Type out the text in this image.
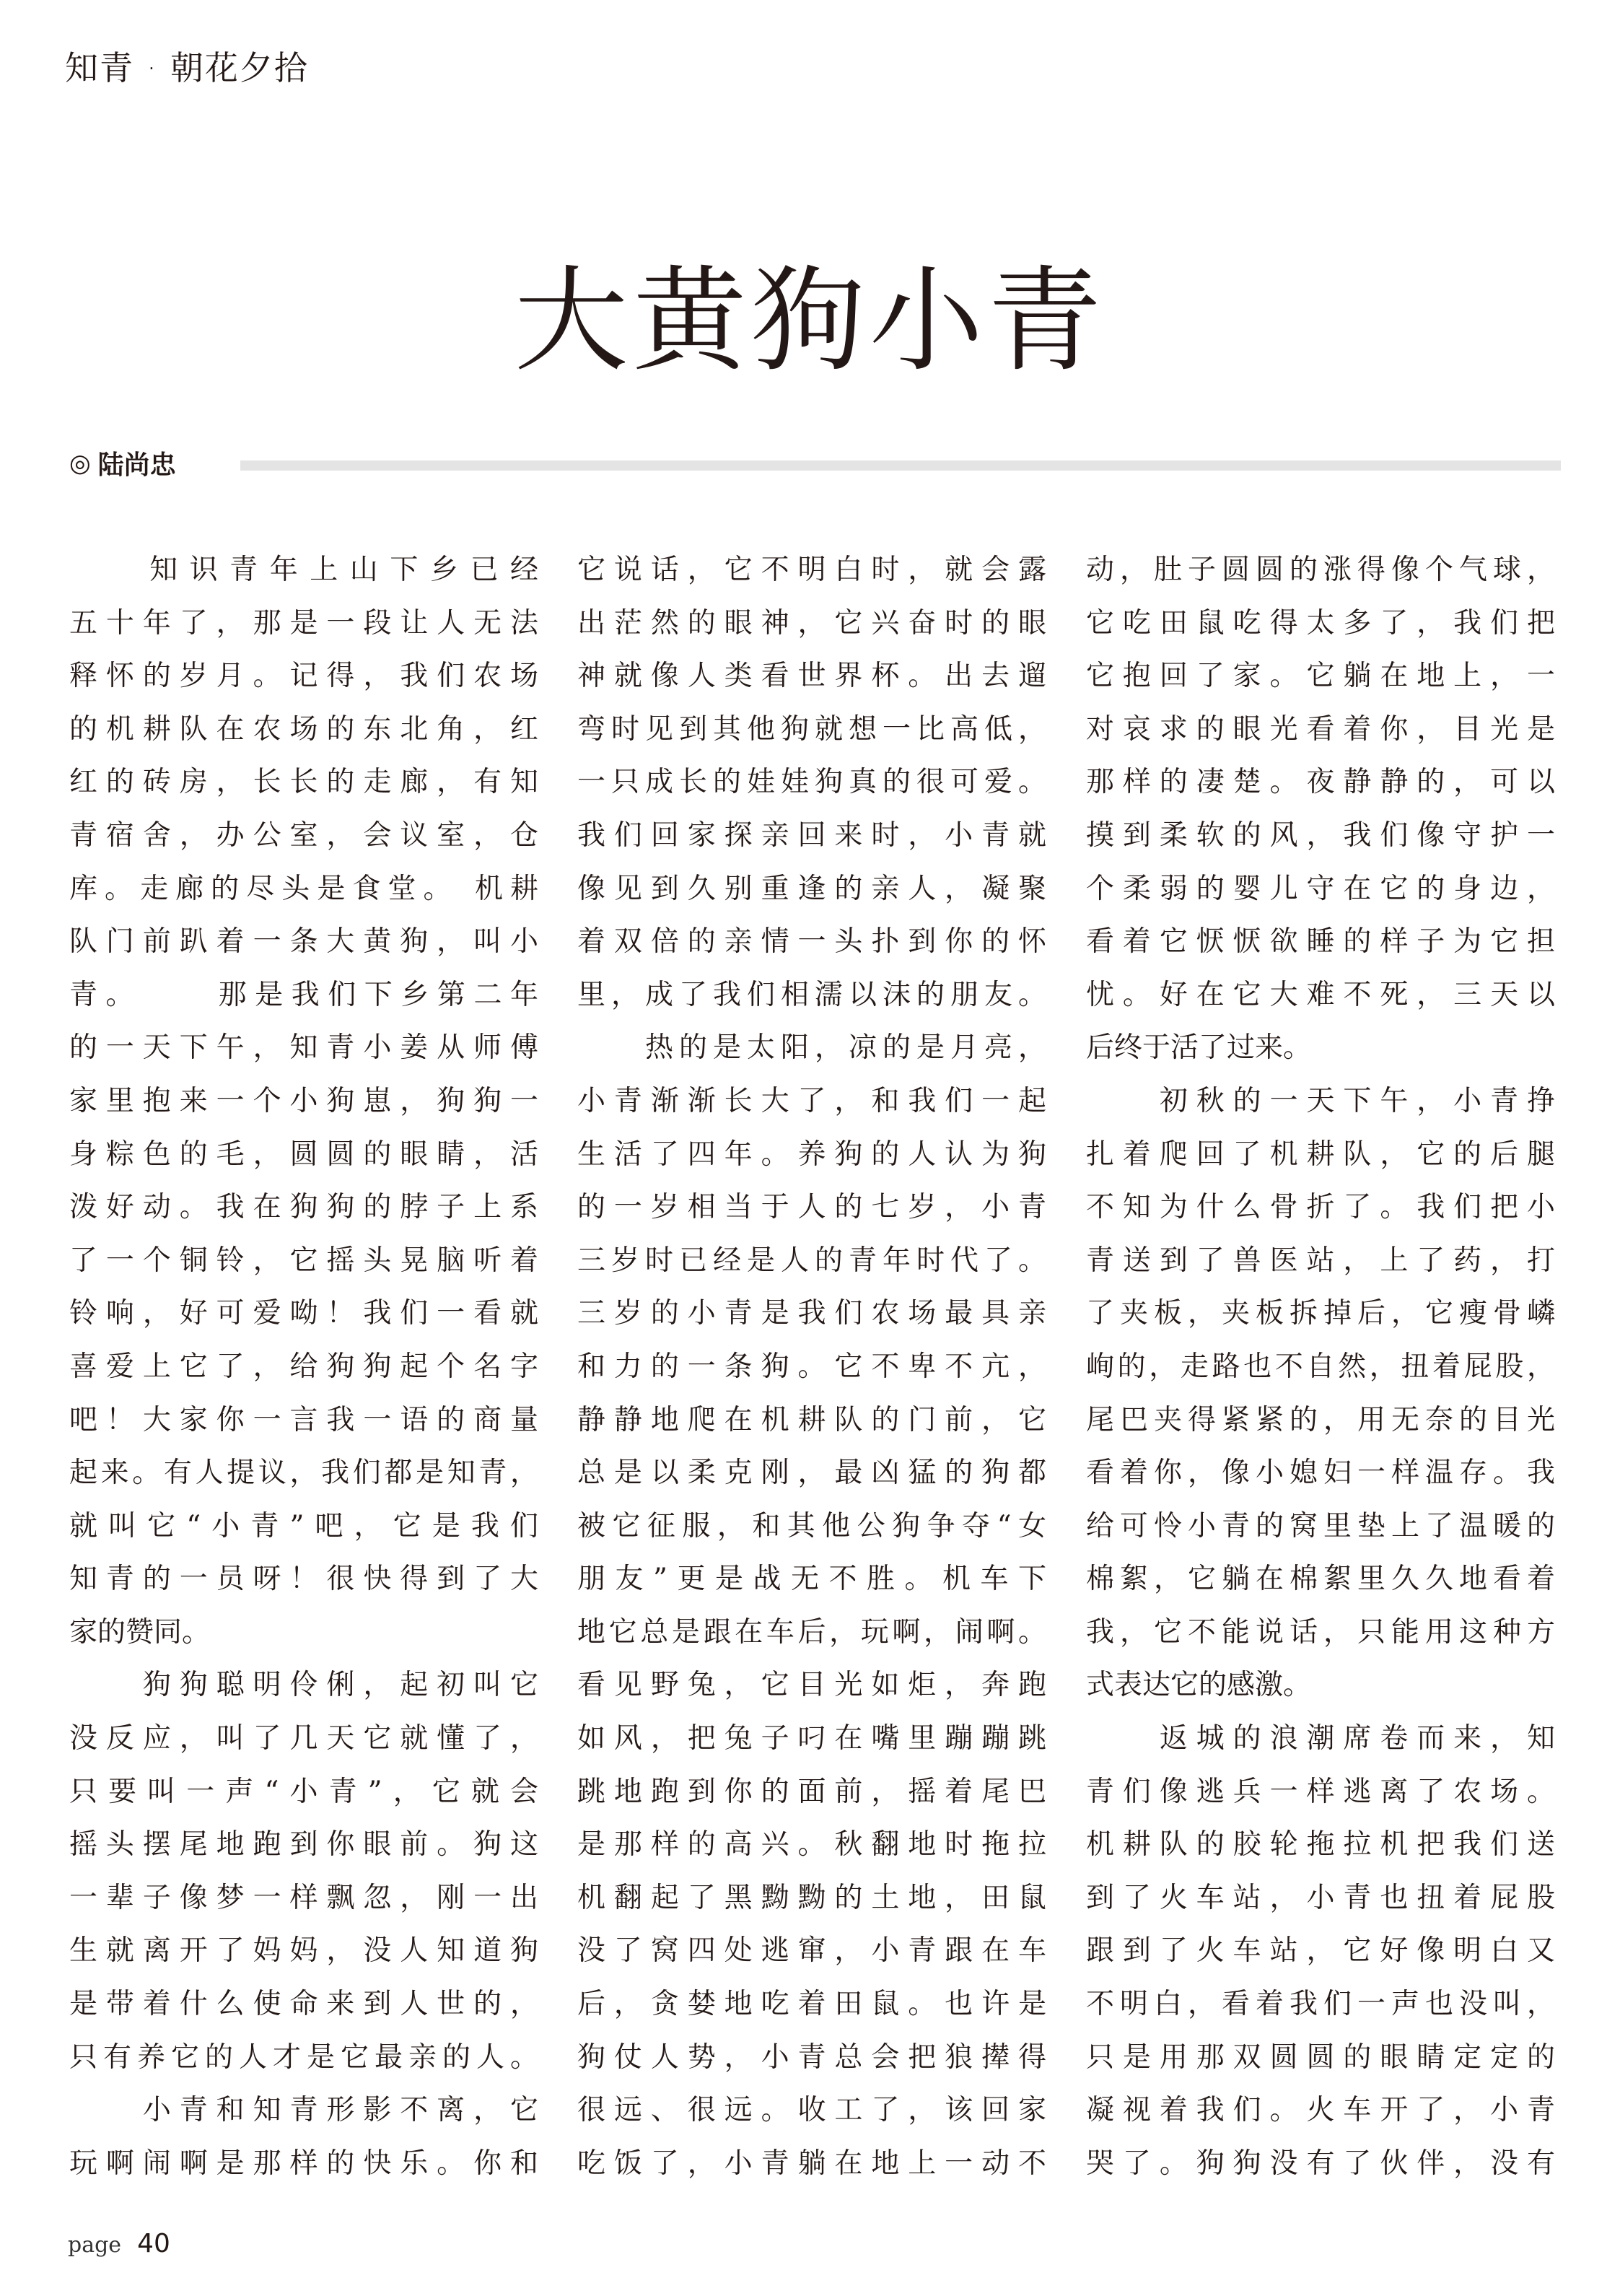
知青 · 朝花夕拾
大黄狗小青
◎ 陆尚忠
　　知识青年上山下乡已经
五十年了，那是一段让人无法
释怀的岁月。记得，我们农场
的机耕队在农场的东北角，红
红的砖房，长长的走廊，有知
青宿舍，办公室，会议室，仓
库。走廊的尽头是食堂。 机耕
队门前趴着一条大黄狗，叫小
青。　　 那是我们下乡第二年
的一天下午，知青小姜从师傅
家里抱来一个小狗崽，狗狗一
身粽色的毛，圆圆的眼睛，活
泼好动。我在狗狗的脖子上系
了一个铜铃，它摇头晃脑听着
铃响，好可爱呦！我们一看就
喜爱上它了，给狗狗起个名字
吧！大家你一言我一语的商量
起来。有人提议，我们都是知青，
就叫它“小青”吧，它是我们
知青的一员呀！很快得到了大
家的赞同。
　　狗狗聪明伶俐，起初叫它
没反应，叫了几天它就懂了，
只要叫一声“小青”，它就会
摇头摆尾地跑到你眼前。狗这
一辈子像梦一样飘忽，刚一出
生就离开了妈妈，没人知道狗
是带着什么使命来到人世的，
只有养它的人才是它最亲的人。
　　小青和知青形影不离，它
玩啊闹啊是那样的快乐。你和
它说话，它不明白时，就会露
出茫然的眼神，它兴奋时的眼
神就像人类看世界杯。出去遛
弯时见到其他狗就想一比高低，
一只成长的娃娃狗真的很可爱。
我们回家探亲回来时，小青就
像见到久别重逢的亲人，凝聚
着双倍的亲情一头扑到你的怀
里，成了我们相濡以沫的朋友。
　　热的是太阳，凉的是月亮，
小青渐渐长大了，和我们一起
生活了四年。养狗的人认为狗
的一岁相当于人的七岁，小青
三岁时已经是人的青年时代了。
三岁的小青是我们农场最具亲
和力的一条狗。它不卑不亢，
静静地爬在机耕队的门前，它
总是以柔克刚，最凶猛的狗都
被它征服，和其他公狗争夺“女
朋友”更是战无不胜。机车下
地它总是跟在车后，玩啊，闹啊。
看见野兔，它目光如炬，奔跑
如风，把兔子叼在嘴里蹦蹦跳
跳地跑到你的面前，摇着尾巴
是那样的高兴。秋翻地时拖拉
机翻起了黑黝黝的土地，田鼠
没了窝四处逃窜，小青跟在车
后，贪婪地吃着田鼠。也许是
狗仗人势，小青总会把狼撵得
很远、很远。收工了，该回家
吃饭了，小青躺在地上一动不
动，肚子圆圆的涨得像个气球，
它吃田鼠吃得太多了，我们把
它抱回了家。它躺在地上，一
对哀求的眼光看着你，目光是
那样的凄楚。夜静静的，可以
摸到柔软的风，我们像守护一
个柔弱的婴儿守在它的身边，
看着它恹恹欲睡的样子为它担
忧。好在它大难不死，三天以
后终于活了过来。
　　初秋的一天下午，小青挣
扎着爬回了机耕队，它的后腿
不知为什么骨折了。我们把小
青送到了兽医站，上了药，打
了夹板，夹板拆掉后，它瘦骨嶙
峋的，走路也不自然，扭着屁股，
尾巴夹得紧紧的，用无奈的目光
看着你，像小媳妇一样温存。我
给可怜小青的窝里垫上了温暖的
棉絮，它躺在棉絮里久久地看着
我，它不能说话，只能用这种方
式表达它的感激。
　　返城的浪潮席卷而来，知
青们像逃兵一样逃离了农场。
机耕队的胶轮拖拉机把我们送
到了火车站，小青也扭着屁股
跟到了火车站，它好像明白又
不明白，看着我们一声也没叫，
只是用那双圆圆的眼睛定定的
凝视着我们。火车开了，小青
哭了。狗狗没有了伙伴，没有
page 40
